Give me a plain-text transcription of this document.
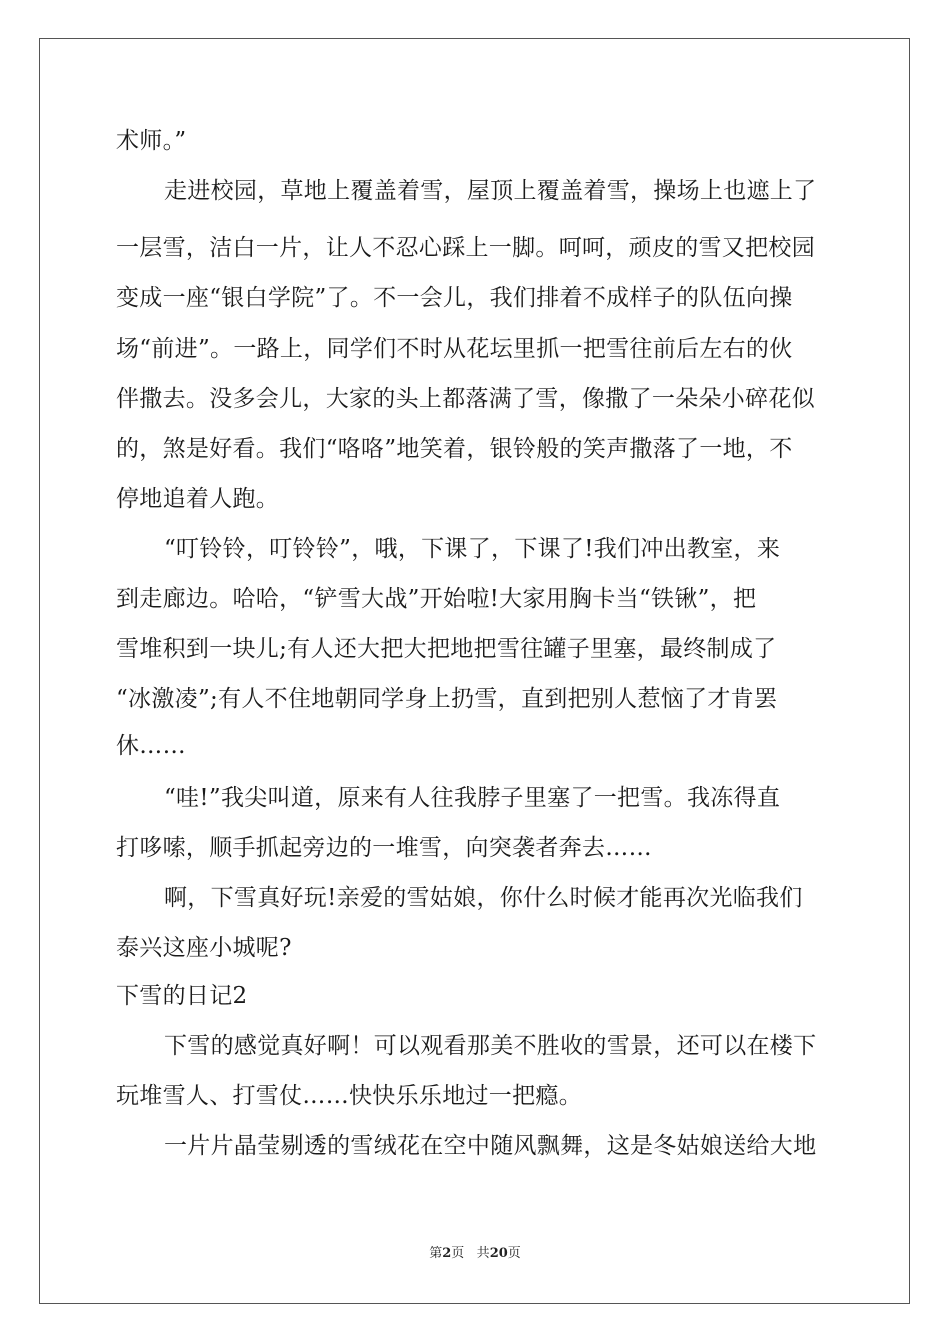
术师。”
走进校园，草地上覆盖着雪，屋顶上覆盖着雪，操场上也遮上了
一层雪，洁白一片，让人不忍心踩上一脚。呵呵，顽皮的雪又把校园
变成一座“银白学院”了。不一会儿，我们排着不成样子的队伍向操
场“前进”。一路上，同学们不时从花坛里抓一把雪往前后左右的伙
伴撒去。没多会儿，大家的头上都落满了雪，像撒了一朵朵小碎花似
的，煞是好看。我们“咯咯”地笑着，银铃般的笑声撒落了一地，不
停地追着人跑。
“叮铃铃，叮铃铃”，哦，下课了，下课了!我们冲出教室，来
到走廊边。哈哈，“铲雪大战”开始啦!大家用胸卡当“铁锹”，把
雪堆积到一块儿;有人还大把大把地把雪往罐子里塞，最终制成了
“冰激凌”;有人不住地朝同学身上扔雪，直到把别人惹恼了才肯罢
休……
“哇!”我尖叫道，原来有人往我脖子里塞了一把雪。我冻得直
打哆嗦，顺手抓起旁边的一堆雪，向突袭者奔去……
啊，下雪真好玩!亲爱的雪姑娘，你什么时候才能再次光临我们
泰兴这座小城呢?
下雪的日记2
下雪的感觉真好啊！可以观看那美不胜收的雪景，还可以在楼下
玩堆雪人、打雪仗……快快乐乐地过一把瘾。
一片片晶莹剔透的雪绒花在空中随风飘舞，这是冬姑娘送给大地
第2页 共20页
